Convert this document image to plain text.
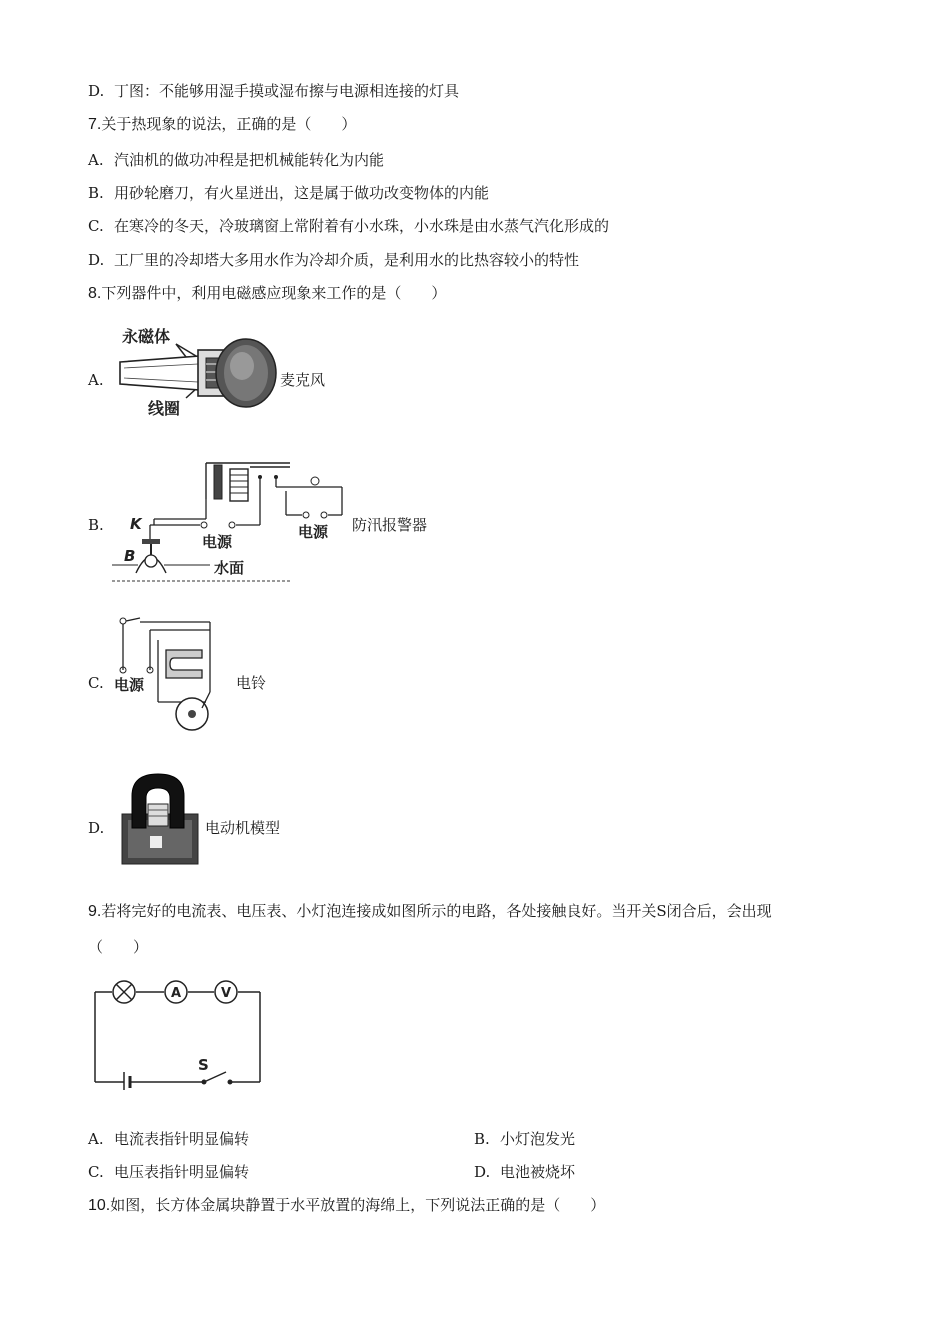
D. 丁图：不能够用湿手摸或湿布擦与电源相连接的灯具
7.关于热现象的说法，正确的是（　　）
A. 汽油机的做功冲程是把机械能转化为内能
B. 用砂轮磨刀，有火星迸出，这是属于做功改变物体的内能
C. 在寒冷的冬天，冷玻璃窗上常附着有小水珠，小水珠是由水蒸气汽化形成的
D. 工厂里的冷却塔大多用水作为冷却介质，是利用水的比热容较小的特性
8.下列器件中，利用电磁感应现象来工作的是（　　）
A.
永磁体
线圈
麦克风
B.	电源
电源
K
B
水面
防汛报警器
C. 电源	电铃
D.	电动机模型
9.若将完好的电流表、电压表、小灯泡连接成如图所示的电路，各处接触良好。当开关S闭合后，会出现
（　　）
A	V
S
A. 电流表指针明显偏转	B. 小灯泡发光
C. 电压表指针明显偏转	D. 电池被烧坏
10.如图，长方体金属块静置于水平放置的海绵上，下列说法正确的是（　　）
